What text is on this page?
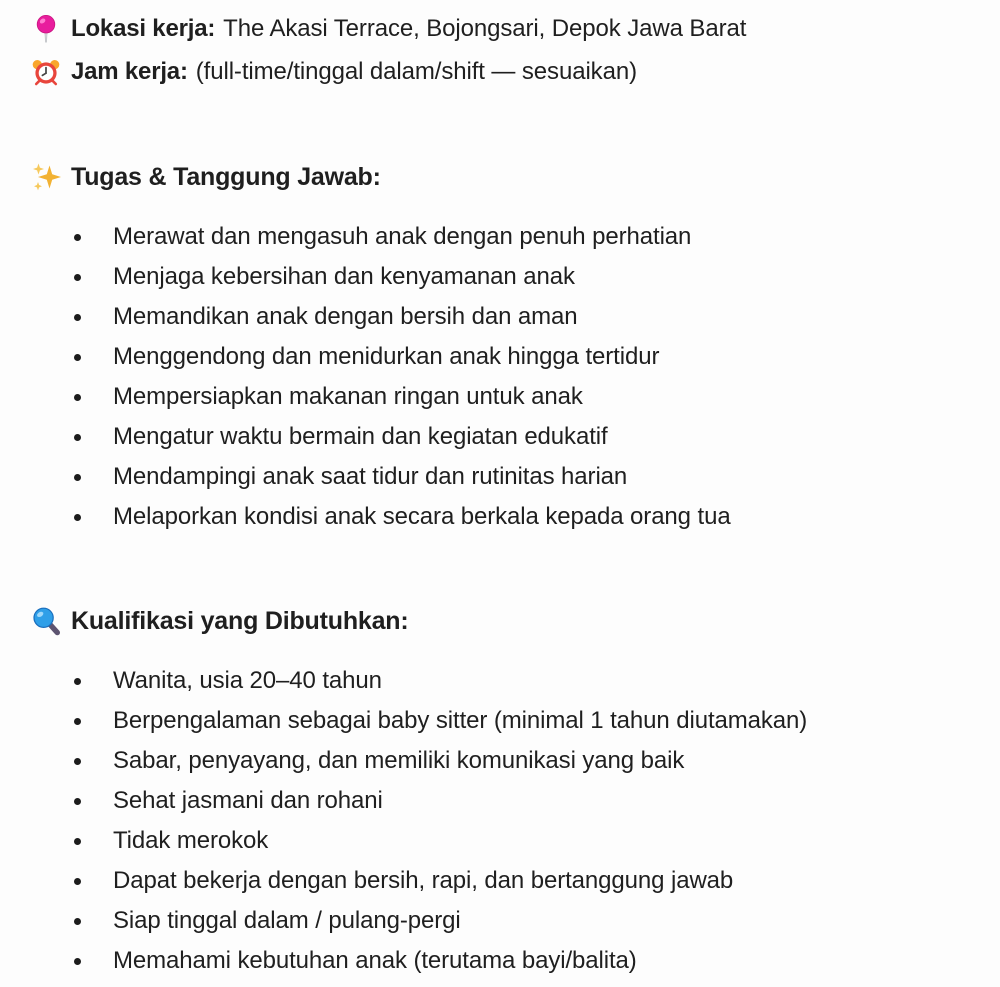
Lokasi kerja: The Akasi Terrace, Bojongsari, Depok Jawa Barat
Jam kerja: (full-time/tinggal dalam/shift — sesuaikan)
Tugas & Tanggung Jawab:
Merawat dan mengasuh anak dengan penuh perhatian
Menjaga kebersihan dan kenyamanan anak
Memandikan anak dengan bersih dan aman
Menggendong dan menidurkan anak hingga tertidur
Mempersiapkan makanan ringan untuk anak
Mengatur waktu bermain dan kegiatan edukatif
Mendampingi anak saat tidur dan rutinitas harian
Melaporkan kondisi anak secara berkala kepada orang tua
Kualifikasi yang Dibutuhkan:
Wanita, usia 20–40 tahun
Berpengalaman sebagai baby sitter (minimal 1 tahun diutamakan)
Sabar, penyayang, dan memiliki komunikasi yang baik
Sehat jasmani dan rohani
Tidak merokok
Dapat bekerja dengan bersih, rapi, dan bertanggung jawab
Siap tinggal dalam / pulang-pergi
Memahami kebutuhan anak (terutama bayi/balita)
